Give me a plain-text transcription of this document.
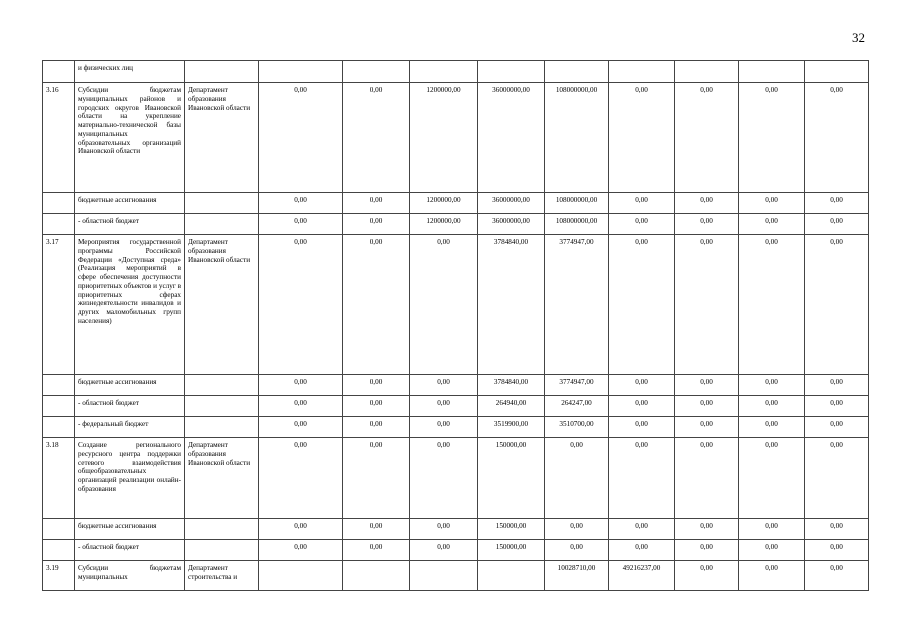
32
	и физических лиц										
3.16	Субсидии бюджетам муниципальных районов и городских округов Ивановской области на укрепление материально-технической базы муниципальных образовательных организаций Ивановской области	Департамент образования Ивановской области	0,00	0,00	1200000,00	36000000,00	108000000,00	0,00	0,00	0,00	0,00
	бюджетные ассигнования		0,00	0,00	1200000,00	36000000,00	108000000,00	0,00	0,00	0,00	0,00
	- областной бюджет		0,00	0,00	1200000,00	36000000,00	108000000,00	0,00	0,00	0,00	0,00
3.17	Мероприятия государственной программы Российской Федерации «Доступная среда» (Реализация мероприятий в сфере обеспечения доступности приоритетных объектов и услуг в приоритетных сферах жизнедеятельности инвалидов и других маломобильных групп населения)	Департамент образования Ивановской области	0,00	0,00	0,00	3784840,00	3774947,00	0,00	0,00	0,00	0,00
	бюджетные ассигнования		0,00	0,00	0,00	3784840,00	3774947,00	0,00	0,00	0,00	0,00
	- областной бюджет		0,00	0,00	0,00	264940,00	264247,00	0,00	0,00	0,00	0,00
	- федеральный бюджет		0,00	0,00	0,00	3519900,00	3510700,00	0,00	0,00	0,00	0,00
3.18	Создание регионального ресурсного центра поддержки сетевого взаимодействия общеобразовательных организаций реализации онлайн-образования	Департамент образования Ивановской области	0,00	0,00	0,00	150000,00	0,00	0,00	0,00	0,00	0,00
	бюджетные ассигнования		0,00	0,00	0,00	150000,00	0,00	0,00	0,00	0,00	0,00
	- областной бюджет		0,00	0,00	0,00	150000,00	0,00	0,00	0,00	0,00	0,00
3.19	Субсидии бюджетам муниципальных	Департамент строительства и					10028710,00	49216237,00	0,00	0,00	0,00
